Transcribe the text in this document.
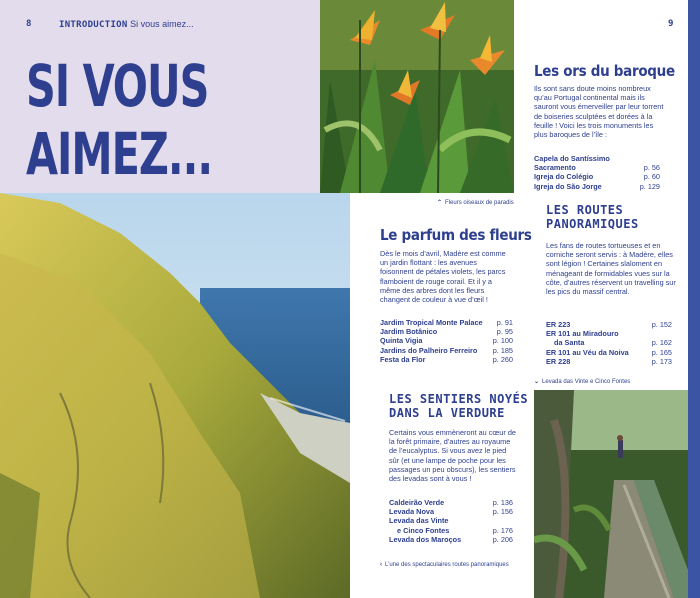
8	INTRODUCTION Si vous aimez...	9
SI VOUS
AIMEZ...
⌃ Fleurs oiseaux de paradis
⌄ Levada das Vinte e Cinco Fontes
‹ L’une des spectaculaires routes panoramiques
Les ors du baroque
Ils sont sans doute moins nombreux qu’au Portugal continental mais ils sauront vous émerveiller par leur torrent de boiseries sculptées et dorées à la feuille ! Voici les trois monuments les plus baroques de l’île :
Capela do Santíssimo
Sacramento	p. 56
Igreja do Colégio	p. 60
Igreja do São Jorge	p. 129
Le parfum des fleurs
Dès le mois d’avril, Madère est comme un jardin flottant : les avenues foisonnent de pétales violets, les parcs flamboient de rouge corail. Et il y a même des arbres dont les fleurs changent de couleur à vue d’œil !
Jardim Tropical Monte Palace p. 91
Jardim Botânico	p. 95
Quinta Vigia	p. 100
Jardins do Palheiro Ferreiro p. 185
Festa da Flor	p. 260
LES ROUTES
PANORAMIQUES
Les fans de routes tortueuses et en corniche seront servis : à Madère, elles sont légion ! Certaines slaloment en ménageant de formidables vues sur la côte, d’autres réservent un travelling sur les pics du massif central.
ER 223	p. 152
ER 101 au Miradouro
da Santa	p. 162
ER 101 au Véu da Noiva	p. 165
ER 228	p. 173
LES SENTIERS NOYÉS
DANS LA VERDURE
Certains vous emmèneront au cœur de la forêt primaire, d’autres au royaume de l’eucalyptus. Si vous avez le pied sûr (et une lampe de poche pour les passages un peu obscurs), les sentiers des levadas sont à vous !
Caldeirão Verde	p. 136
Levada Nova	p. 156
Levada das Vinte
e Cinco Fontes	p. 176
Levada dos Maroços	p. 206
